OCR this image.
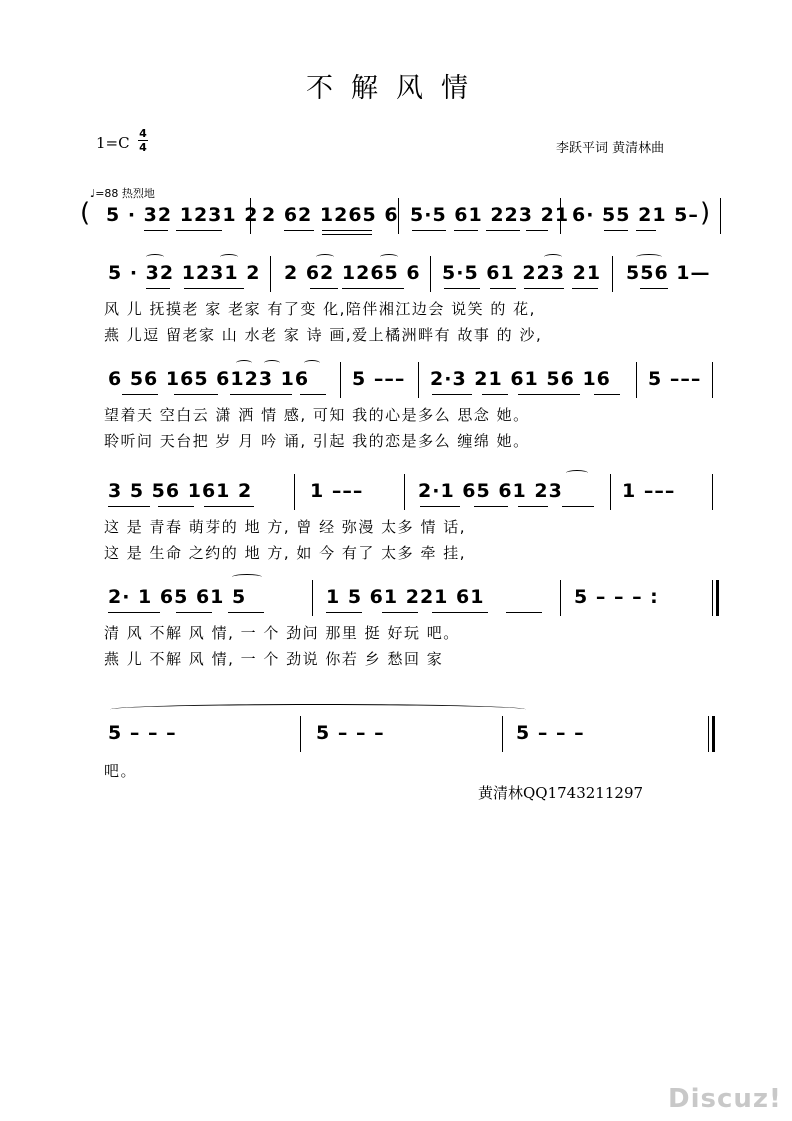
不解风情
1=C
4
4	李跃平词 黄清林曲
♩=88 热烈地
( 5 · 32 1231 2 2 62 1265 6 5·5 61 223 21 6· 55 21 5– )
5 · 32 1231 2 2 62 1265 6 5·5 61 223 21 556 1—
风 儿 抚摸老 家 老家 有了变 化,陪伴湘江边会 说笑 的 花,
燕 儿逗 留老家 山 水老 家 诗 画,爱上橘洲畔有 故事 的 沙,
6 56 165 6123 16 5 ––– 2·3 21 61 56 16 5 –––
望着天 空白云 潇 洒 情 感, 可知 我的心是多么 思念 她。
聆听问 天台把 岁 月 吟 诵, 引起 我的恋是多么 缠绵 她。
3 5 56 161 2	1 –––	2·1 65 61 23	1 –––
这 是 青春 萌芽的 地 方, 曾 经 弥漫 太多 情 话,
这 是 生命 之约的 地 方, 如 今 有了 太多 牵 挂,
2· 1 65 61 5	1 5 61 221 61	5 – – – :
清 风 不解 风 情, 一 个 劲问 那里 挺 好玩 吧。
燕 儿 不解 风 情, 一 个 劲说 你若 乡 愁回 家
5 – – –	5 – – –	5 – – –
吧。
黄清林QQ1743211297
Discuz!
